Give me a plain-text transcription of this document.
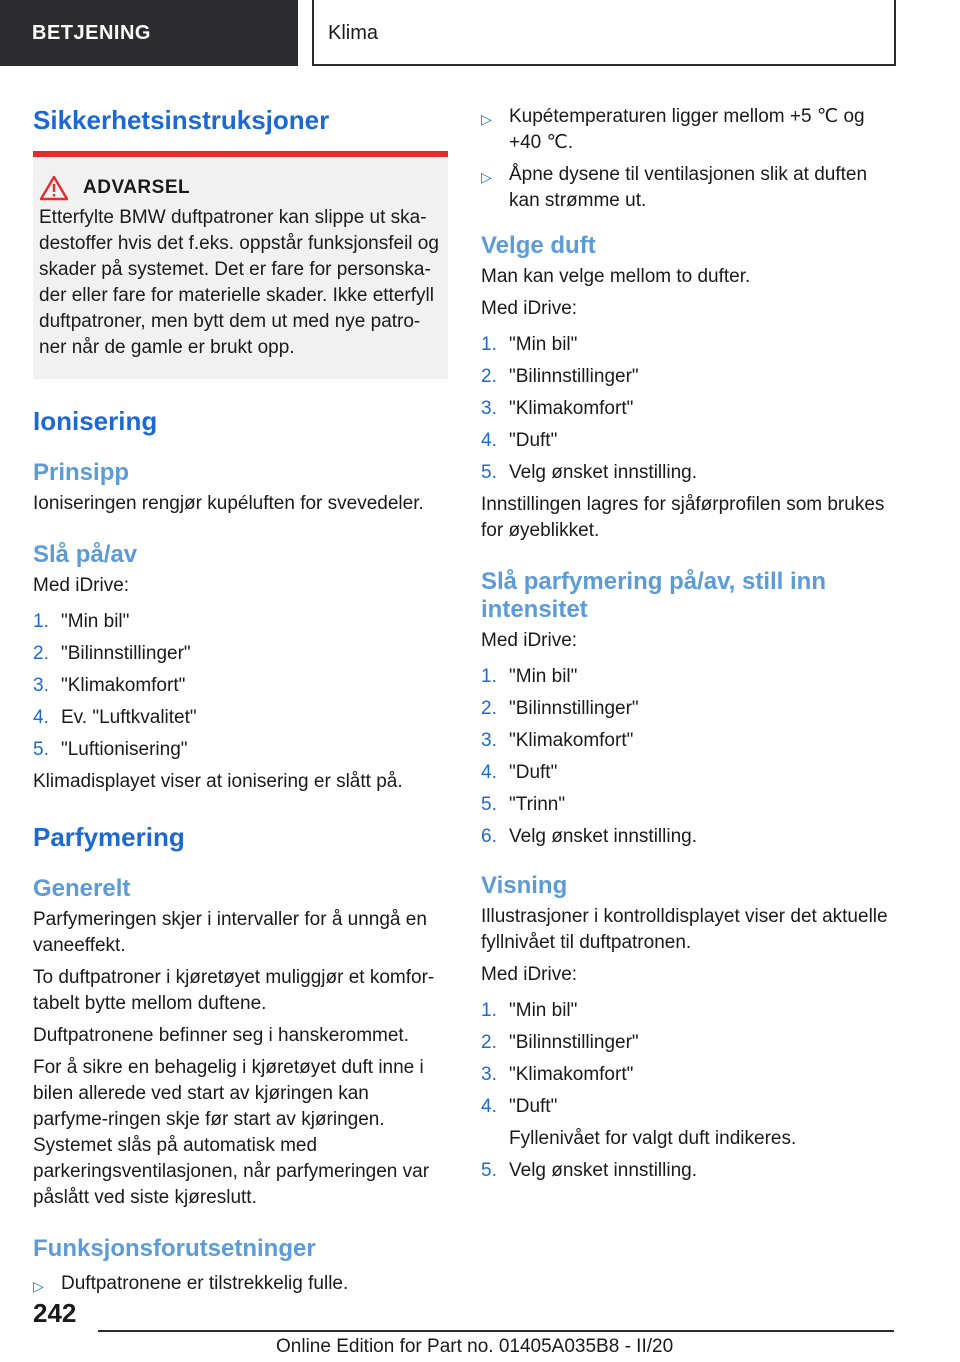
BETJENING	Klima
Sikkerhetsinstruksjoner
ADVARSEL
Etterfylte BMW duftpatroner kan slippe ut ska-destoffer hvis det f.eks. oppstår funksjonsfeil og skader på systemet. Det er fare for personska-der eller fare for materielle skader. Ikke etterfyll duftpatroner, men bytt dem ut med nye patro-ner når de gamle er brukt opp.
Ionisering
Prinsipp
Ioniseringen rengjør kupéluften for svevedeler.
Slå på/av
Med iDrive:
1. "Min bil"
2. "Bilinnstillinger"
3. "Klimakomfort"
4. Ev. "Luftkvalitet"
5. "Luftionisering"
Klimadisplayet viser at ionisering er slått på.
Parfymering
Generelt
Parfymeringen skjer i intervaller for å unngå en vaneeffekt.
To duftpatroner i kjøretøyet muliggjør et komfor-tabelt bytte mellom duftene.
Duftpatronene befinner seg i hanskerommet.
For å sikre en behagelig i kjøretøyet duft inne i bilen allerede ved start av kjøringen kan parfyme-ringen skje før start av kjøringen. Systemet slås på automatisk med parkeringsventilasjonen, når parfymeringen var påslått ved siste kjøreslutt.
Funksjonsforutsetninger
▷ Duftpatronene er tilstrekkelig fulle.
▷ Kupétemperaturen ligger mellom +5 ℃ og +40 ℃.
▷ Åpne dysene til ventilasjonen slik at duften kan strømme ut.
Velge duft
Man kan velge mellom to dufter.
Med iDrive:
1. "Min bil"
2. "Bilinnstillinger"
3. "Klimakomfort"
4. "Duft"
5. Velg ønsket innstilling.
Innstillingen lagres for sjåførprofilen som brukes for øyeblikket.
Slå parfymering på/av, still inn intensitet
Med iDrive:
1. "Min bil"
2. "Bilinnstillinger"
3. "Klimakomfort"
4. "Duft"
5. "Trinn"
6. Velg ønsket innstilling.
Visning
Illustrasjoner i kontrolldisplayet viser det aktuelle fyllnivået til duftpatronen.
Med iDrive:
1. "Min bil"
2. "Bilinnstillinger"
3. "Klimakomfort"
4. "Duft"
Fyllenivået for valgt duft indikeres.
5. Velg ønsket innstilling.
242
Online Edition for Part no. 01405A035B8 - II/20
